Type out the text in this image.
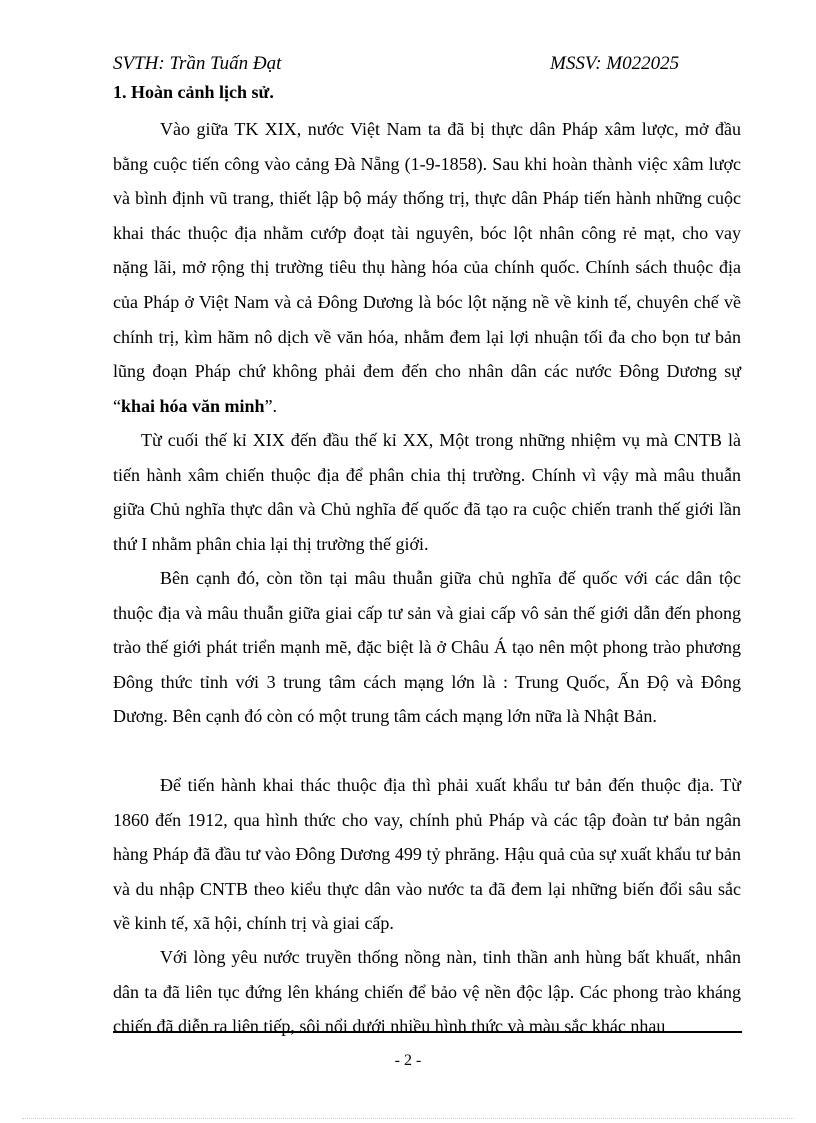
SVTH: Trần Tuấn Đạt	MSSV: M022025
1. Hoàn cảnh lịch sử.

Vào giữa TK XIX, nước Việt Nam ta đã bị thực dân Pháp xâm lược, mở đầu bằng cuộc tiến công vào cảng Đà Nẵng (1-9-1858). Sau khi hoàn thành việc xâm lược và bình định vũ trang, thiết lập bộ máy thống trị, thực dân Pháp tiến hành những cuộc khai thác thuộc địa nhằm cướp đoạt tài nguyên, bóc lột nhân công rẻ mạt, cho vay nặng lãi, mở rộng thị trường tiêu thụ hàng hóa của chính quốc. Chính sách thuộc địa của Pháp ở Việt Nam và cả Đông Dương là bóc lột nặng nề về kinh tế, chuyên chế về chính trị, kìm hãm nô dịch về văn hóa, nhằm đem lại lợi nhuận tối đa cho bọn tư bản lũng đoạn Pháp chứ không phải đem đến cho nhân dân các nước Đông Dương sự “khai hóa văn minh”.

Từ cuối thế kỉ XIX đến đầu thế kỉ XX, Một trong những nhiệm vụ mà CNTB là tiến hành xâm chiến thuộc địa để phân chia thị trường. Chính vì vậy mà mâu thuẫn giữa Chủ nghĩa thực dân và Chủ nghĩa đế quốc đã tạo ra cuộc chiến tranh thế giới lần thứ I nhằm phân chia lại thị trường thế giới.

Bên cạnh đó, còn tồn tại mâu thuẫn giữa chủ nghĩa đế quốc với các dân tộc thuộc địa và mâu thuẫn giữa giai cấp tư sản và giai cấp vô sản thế giới dẫn đến phong trào thế giới phát triển mạnh mẽ, đặc biệt là ở Châu Á tạo nên một phong trào phương Đông thức tỉnh với 3 trung tâm cách mạng lớn là : Trung Quốc, Ấn Độ và Đông Dương. Bên cạnh đó còn có một trung tâm cách mạng lớn nữa là Nhật Bản.

Để tiến hành khai thác thuộc địa thì phải xuất khẩu tư bản đến thuộc địa. Từ 1860 đến 1912, qua hình thức cho vay, chính phủ Pháp và các tập đoàn tư bản ngân hàng Pháp đã đầu tư vào Đông Dương 499 tỷ phrăng. Hậu quả của sự xuất khẩu tư bản và du nhập CNTB theo kiểu thực dân vào nước ta đã đem lại những biến đổi sâu sắc về kinh tế, xã hội, chính trị và giai cấp.

Với lòng yêu nước truyền thống nồng nàn, tinh thần anh hùng bất khuất, nhân dân ta đã liên tục đứng lên kháng chiến để bảo vệ nền độc lập. Các phong trào kháng chiến đã diễn ra liên tiếp, sôi nổi dưới nhiều hình thức và màu sắc khác nhau

- 2 -
